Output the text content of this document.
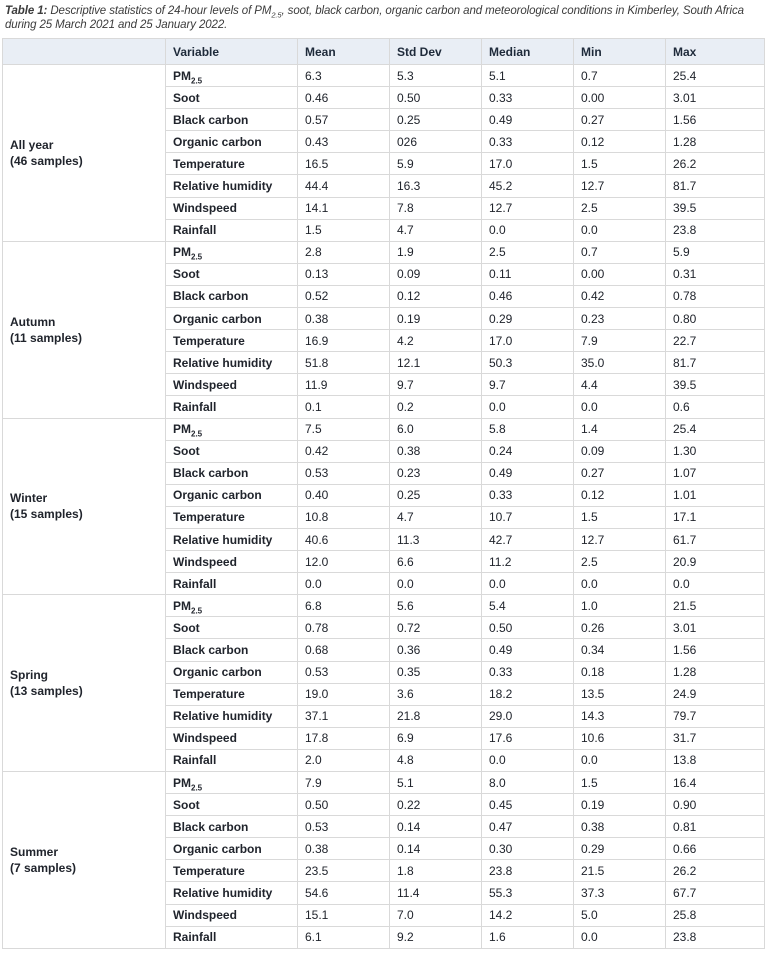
Table 1: Descriptive statistics of 24-hour levels of $PM_{2.5}$, soot, black carbon, organic carbon and meteorological conditions in Kimberley, South Africa during 25 March 2021 and 25 January 2022.

	Variable	Mean	Std Dev	Median	Min	Max

All year
(46 samples)	$PM_{2.5}$	6.3	5.3	5.1	0.7	25.4
	Soot	0.46	0.50	0.33	0.00	3.01
	Black carbon	0.57	0.25	0.49	0.27	1.56
	Organic carbon	0.43	026	0.33	0.12	1.28
	Temperature	16.5	5.9	17.0	1.5	26.2
	Relative humidity	44.4	16.3	45.2	12.7	81.7
	Windspeed	14.1	7.8	12.7	2.5	39.5
	Rainfall	1.5	4.7	0.0	0.0	23.8

Autumn
(11 samples)	$PM_{2.5}$	2.8	1.9	2.5	0.7	5.9
	Soot	0.13	0.09	0.11	0.00	0.31
	Black carbon	0.52	0.12	0.46	0.42	0.78
	Organic carbon	0.38	0.19	0.29	0.23	0.80
	Temperature	16.9	4.2	17.0	7.9	22.7
	Relative humidity	51.8	12.1	50.3	35.0	81.7
	Windspeed	11.9	9.7	9.7	4.4	39.5
	Rainfall	0.1	0.2	0.0	0.0	0.6

Winter
(15 samples)	$PM_{2.5}$	7.5	6.0	5.8	1.4	25.4
	Soot	0.42	0.38	0.24	0.09	1.30
	Black carbon	0.53	0.23	0.49	0.27	1.07
	Organic carbon	0.40	0.25	0.33	0.12	1.01
	Temperature	10.8	4.7	10.7	1.5	17.1
	Relative humidity	40.6	11.3	42.7	12.7	61.7
	Windspeed	12.0	6.6	11.2	2.5	20.9
	Rainfall	0.0	0.0	0.0	0.0	0.0

Spring
(13 samples)	$PM_{2.5}$	6.8	5.6	5.4	1.0	21.5
	Soot	0.78	0.72	0.50	0.26	3.01
	Black carbon	0.68	0.36	0.49	0.34	1.56
	Organic carbon	0.53	0.35	0.33	0.18	1.28
	Temperature	19.0	3.6	18.2	13.5	24.9
	Relative humidity	37.1	21.8	29.0	14.3	79.7
	Windspeed	17.8	6.9	17.6	10.6	31.7
	Rainfall	2.0	4.8	0.0	0.0	13.8

Summer
(7 samples)	$PM_{2.5}$	7.9	5.1	8.0	1.5	16.4
	Soot	0.50	0.22	0.45	0.19	0.90
	Black carbon	0.53	0.14	0.47	0.38	0.81
	Organic carbon	0.38	0.14	0.30	0.29	0.66
	Temperature	23.5	1.8	23.8	21.5	26.2
	Relative humidity	54.6	11.4	55.3	37.3	67.7
	Windspeed	15.1	7.0	14.2	5.0	25.8
	Rainfall	6.1	9.2	1.6	0.0	23.8
